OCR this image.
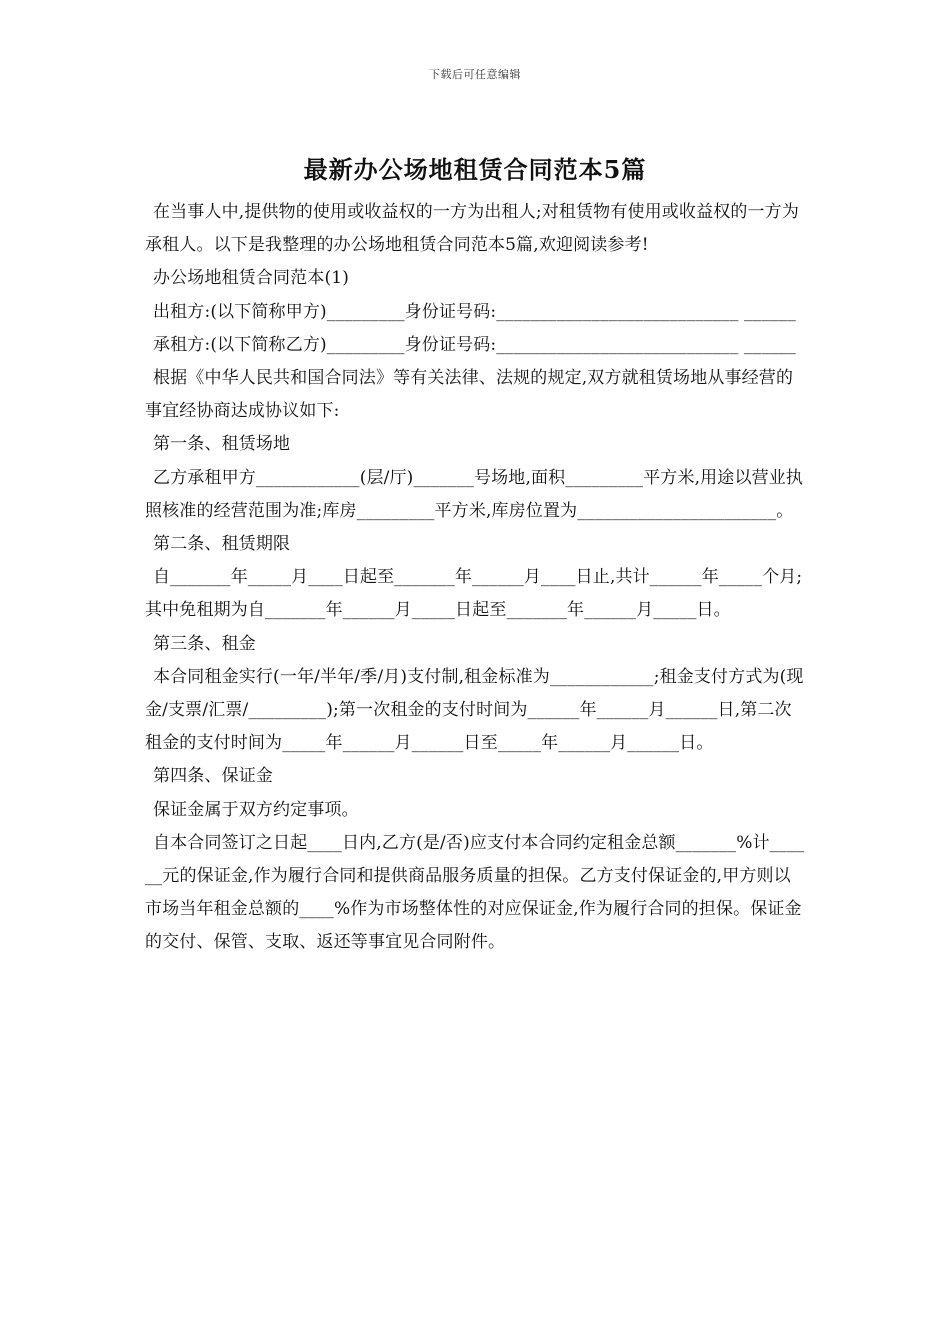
下载后可任意编辑
最新办公场地租赁合同范本5篇

在当事人中,提供物的使用或收益权的一方为出租人;对租赁物有使用或收益权的一方为承租人。以下是我整理的办公场地租赁合同范本5篇,欢迎阅读参考!

办公场地租赁合同范本(1)

出租方:(以下简称甲方)_________身份证号码:____________________________ ______

承租方:(以下简称乙方)_________身份证号码:____________________________ ______

根据《中华人民共和国合同法》等有关法律、法规的规定,双方就租赁场地从事经营的事宜经协商达成协议如下:

第一条、租赁场地

乙方承租甲方____________(层/厅)_______号场地,面积_________平方米,用途以营业执照核准的经营范围为准;库房_________平方米,库房位置为_______________________。

第二条、租赁期限

自_______年_____月____日起至_______年______月____日止,共计______年_____个月;其中免租期为自_______年______月_____日起至_______年______月_____日。

第三条、租金

本合同租金实行(一年/半年/季/月)支付制,租金标准为____________;租金支付方式为(现金/支票/汇票/_________);第一次租金的支付时间为______年______月______日,第二次租金的支付时间为_____年______月______日至_____年______月______日。

第四条、保证金

保证金属于双方约定事项。

自本合同签订之日起____日内,乙方(是/否)应支付本合同约定租金总额_______%计______元的保证金,作为履行合同和提供商品服务质量的担保。乙方支付保证金的,甲方则以市场当年租金总额的____%作为市场整体性的对应保证金,作为履行合同的担保。保证金的交付、保管、支取、返还等事宜见合同附件。
